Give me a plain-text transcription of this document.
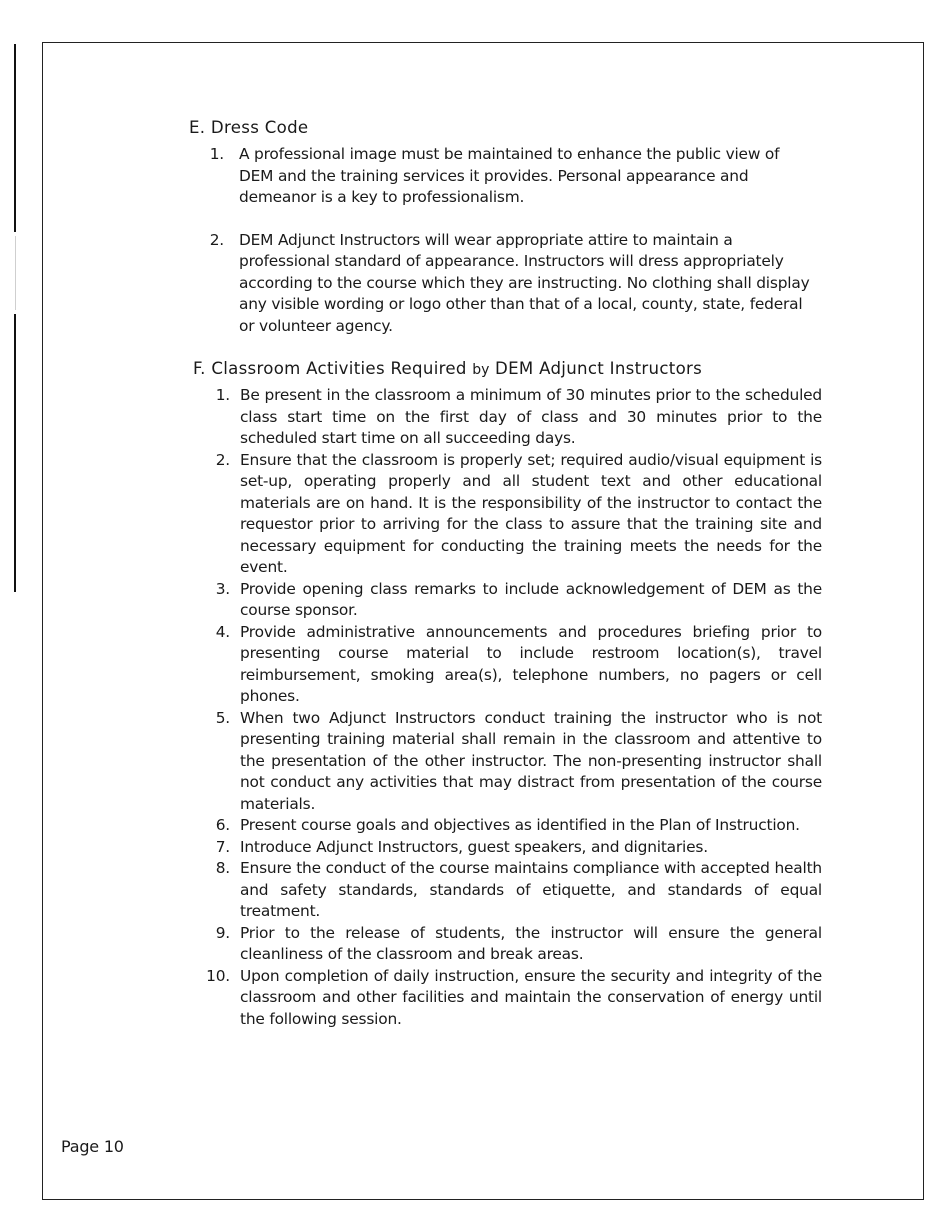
E. Dress Code
1. A professional image must be maintained to enhance the public view of DEM and the training services it provides. Personal appearance and demeanor is a key to professionalism.
2. DEM Adjunct Instructors will wear appropriate attire to maintain a professional standard of appearance. Instructors will dress appropriately according to the course which they are instructing. No clothing shall display any visible wording or logo other than that of a local, county, state, federal or volunteer agency.
F. Classroom Activities Required by DEM Adjunct Instructors
1. Be present in the classroom a minimum of 30 minutes prior to the scheduled class start time on the first day of class and 30 minutes prior to the scheduled start time on all succeeding days.
2. Ensure that the classroom is properly set; required audio/visual equipment is set-up, operating properly and all student text and other educational materials are on hand. It is the responsibility of the instructor to contact the requestor prior to arriving for the class to assure that the training site and necessary equipment for conducting the training meets the needs for the event.
3. Provide opening class remarks to include acknowledgement of DEM as the course sponsor.
4. Provide administrative announcements and procedures briefing prior to presenting course material to include restroom location(s), travel reimbursement, smoking area(s), telephone numbers, no pagers or cell phones.
5. When two Adjunct Instructors conduct training the instructor who is not presenting training material shall remain in the classroom and attentive to the presentation of the other instructor. The non-presenting instructor shall not conduct any activities that may distract from presentation of the course materials.
6. Present course goals and objectives as identified in the Plan of Instruction.
7. Introduce Adjunct Instructors, guest speakers, and dignitaries.
8. Ensure the conduct of the course maintains compliance with accepted health and safety standards, standards of etiquette, and standards of equal treatment.
9. Prior to the release of students, the instructor will ensure the general cleanliness of the classroom and break areas.
10. Upon completion of daily instruction, ensure the security and integrity of the classroom and other facilities and maintain the conservation of energy until the following session.
Page 10
